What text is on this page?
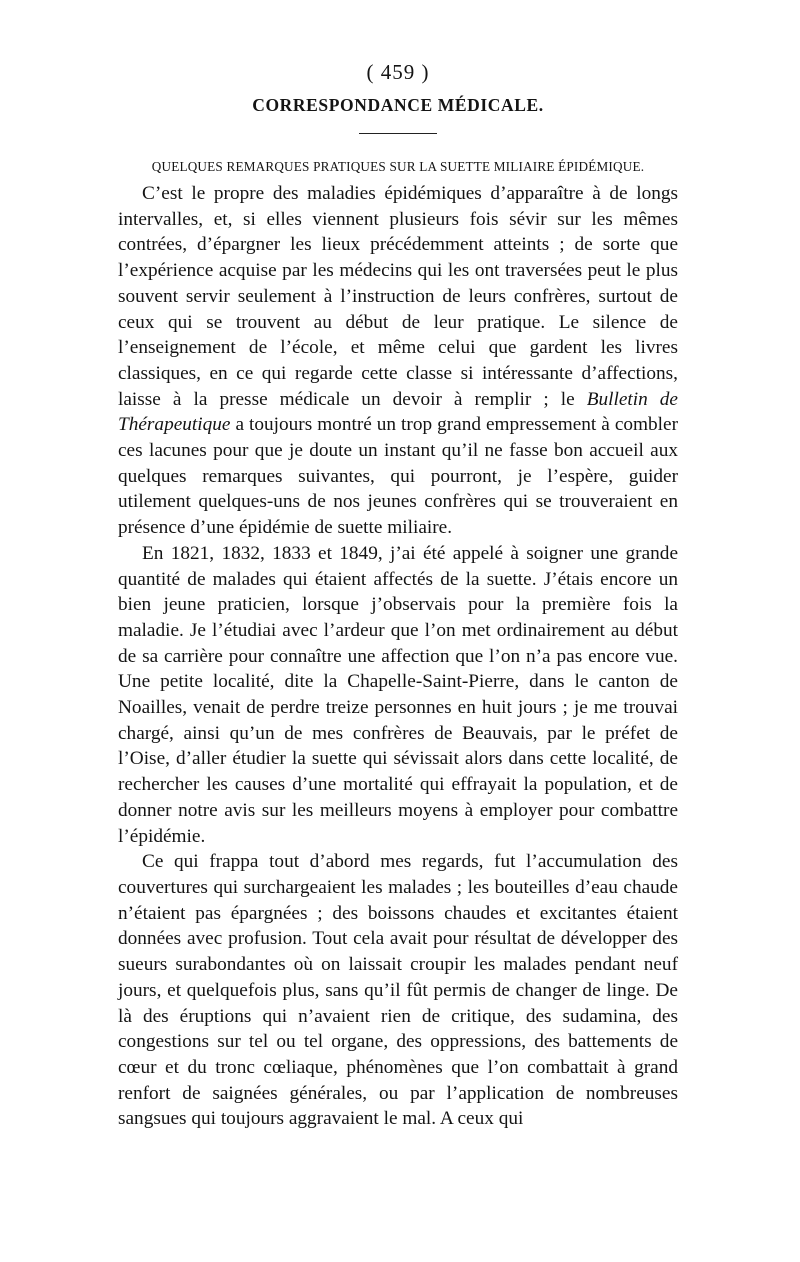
( 459 )
CORRESPONDANCE MÉDICALE.
QUELQUES REMARQUES PRATIQUES SUR LA SUETTE MILIAIRE ÉPIDÉMIQUE.

C’est le propre des maladies épidémiques d’apparaître à de longs intervalles, et, si elles viennent plusieurs fois sévir sur les mêmes contrées, d’épargner les lieux précédemment atteints ; de sorte que l’expérience acquise par les médecins qui les ont traversées peut le plus souvent servir seulement à l’instruction de leurs confrères, surtout de ceux qui se trouvent au début de leur pratique. Le silence de l’enseignement de l’école, et même celui que gardent les livres classiques, en ce qui regarde cette classe si intéressante d’affections, laisse à la presse médicale un devoir à remplir ; le Bulletin de Thérapeutique a toujours montré un trop grand empressement à combler ces lacunes pour que je doute un instant qu’il ne fasse bon accueil aux quelques remarques suivantes, qui pourront, je l’espère, guider utilement quelques-uns de nos jeunes confrères qui se trouveraient en présence d’une épidémie de suette miliaire.

En 1821, 1832, 1833 et 1849, j’ai été appelé à soigner une grande quantité de malades qui étaient affectés de la suette. J’étais encore un bien jeune praticien, lorsque j’observais pour la première fois la maladie. Je l’étudiai avec l’ardeur que l’on met ordinairement au début de sa carrière pour connaître une affection que l’on n’a pas encore vue. Une petite localité, dite la Chapelle-Saint-Pierre, dans le canton de Noailles, venait de perdre treize personnes en huit jours ; je me trouvai chargé, ainsi qu’un de mes confrères de Beauvais, par le préfet de l’Oise, d’aller étudier la suette qui sévissait alors dans cette localité, de rechercher les causes d’une mortalité qui effrayait la population, et de donner notre avis sur les meilleurs moyens à employer pour combattre l’épidémie.

Ce qui frappa tout d’abord mes regards, fut l’accumulation des couvertures qui surchargeaient les malades ; les bouteilles d’eau chaude n’étaient pas épargnées ; des boissons chaudes et excitantes étaient données avec profusion. Tout cela avait pour résultat de développer des sueurs surabondantes où on laissait croupir les malades pendant neuf jours, et quelquefois plus, sans qu’il fût permis de changer de linge. De là des éruptions qui n’avaient rien de critique, des sudamina, des congestions sur tel ou tel organe, des oppressions, des battements de cœur et du tronc cœliaque, phénomènes que l’on combattait à grand renfort de saignées générales, ou par l’application de nombreuses sangsues qui toujours aggravaient le mal. A ceux qui
